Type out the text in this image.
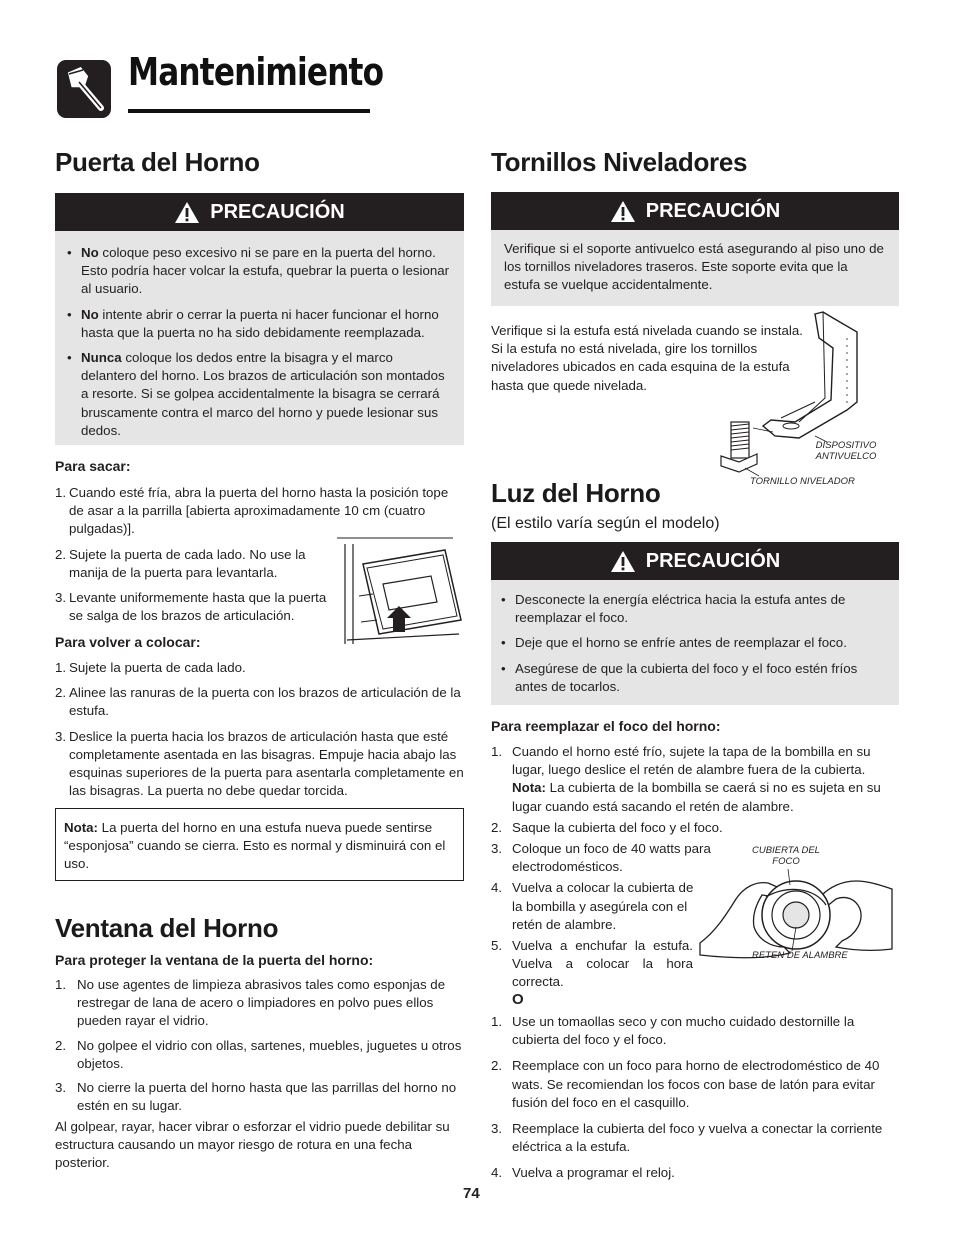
Mantenimiento
Puerta del Horno
PRECAUCIÓN
• No coloque peso excesivo ni se pare en la puerta del horno. Esto podría hacer volcar la estufa, quebrar la puerta o lesionar al usuario.
• No intente abrir o cerrar la puerta ni hacer funcionar el horno hasta que la puerta no ha sido debidamente reemplazada.
• Nunca coloque los dedos entre la bisagra y el marco delantero del horno. Los brazos de articulación son montados a resorte. Si se golpea accidentalmente la bisagra se cerrará bruscamente contra el marco del horno y puede lesionar sus dedos.
Para sacar:
1. Cuando esté fría, abra la puerta del horno hasta la posición tope de asar a la parrilla [abierta aproximadamente 10 cm (cuatro pulgadas)].
2. Sujete la puerta de cada lado. No use la manija de la puerta para levantarla.
3. Levante uniformemente hasta que la puerta se salga de los brazos de articulación.
Para volver a colocar:
1. Sujete la puerta de cada lado.
2. Alinee las ranuras de la puerta con los brazos de articulación de la estufa.
3. Deslice la puerta hacia los brazos de articulación hasta que esté completamente asentada en las bisagras. Empuje hacia abajo las esquinas superiores de la puerta para asentarla completamente en las bisagras. La puerta no debe quedar torcida.
Nota: La puerta del horno en una estufa nueva puede sentirse “esponjosa” cuando se cierra. Esto es normal y disminuirá con el uso.
Ventana del Horno
Para proteger la ventana de la puerta del horno:
1. No use agentes de limpieza abrasivos tales como esponjas de restregar de lana de acero o limpiadores en polvo pues ellos pueden rayar el vidrio.
2. No golpee el vidrio con ollas, sartenes, muebles, juguetes u otros objetos.
3. No cierre la puerta del horno hasta que las parrillas del horno no estén en su lugar.
Al golpear, rayar, hacer vibrar o esforzar el vidrio puede debilitar su estructura causando un mayor riesgo de rotura en una fecha posterior.
Tornillos Niveladores
PRECAUCIÓN
Verifique si el soporte antivuelco está asegurando al piso uno de los tornillos niveladores traseros. Este soporte evita que la estufa se vuelque accidentalmente.
Verifique si la estufa está nivelada cuando se instala. Si la estufa no está nivelada, gire los tornillos niveladores ubicados en cada esquina de la estufa hasta que quede nivelada.
DISPOSITIVO ANTIVUELCO
TORNILLO NIVELADOR
Luz del Horno
(El estilo varía según el modelo)
PRECAUCIÓN
• Desconecte la energía eléctrica hacia la estufa antes de reemplazar el foco.
• Deje que el horno se enfríe antes de reemplazar el foco.
• Asegúrese de que la cubierta del foco y el foco estén fríos antes de tocarlos.
Para reemplazar el foco del horno:
1. Cuando el horno esté frío, sujete la tapa de la bombilla en su lugar, luego deslice el retén de alambre fuera de la cubierta. Nota: La cubierta de la bombilla se caerá si no es sujeta en su lugar cuando está sacando el retén de alambre.
2. Saque la cubierta del foco y el foco.
3. Coloque un foco de 40 watts para electrodomésticos.
4. Vuelva a colocar la cubierta de la bombilla y asegúrela con el retén de alambre.
5. Vuelva a enchufar la estufa. Vuelva a colocar la hora correcta.
CUBIERTA DEL FOCO
RETEN DE ALAMBRE
O
1. Use un tomaollas seco y con mucho cuidado destornille la cubierta del foco y el foco.
2. Reemplace con un foco para horno de electrodoméstico de 40 wats. Se recomiendan los focos con base de latón para evitar fusión del foco en el casquillo.
3. Reemplace la cubierta del foco y vuelva a conectar la corriente eléctrica a la estufa.
4. Vuelva a programar el reloj.
74
